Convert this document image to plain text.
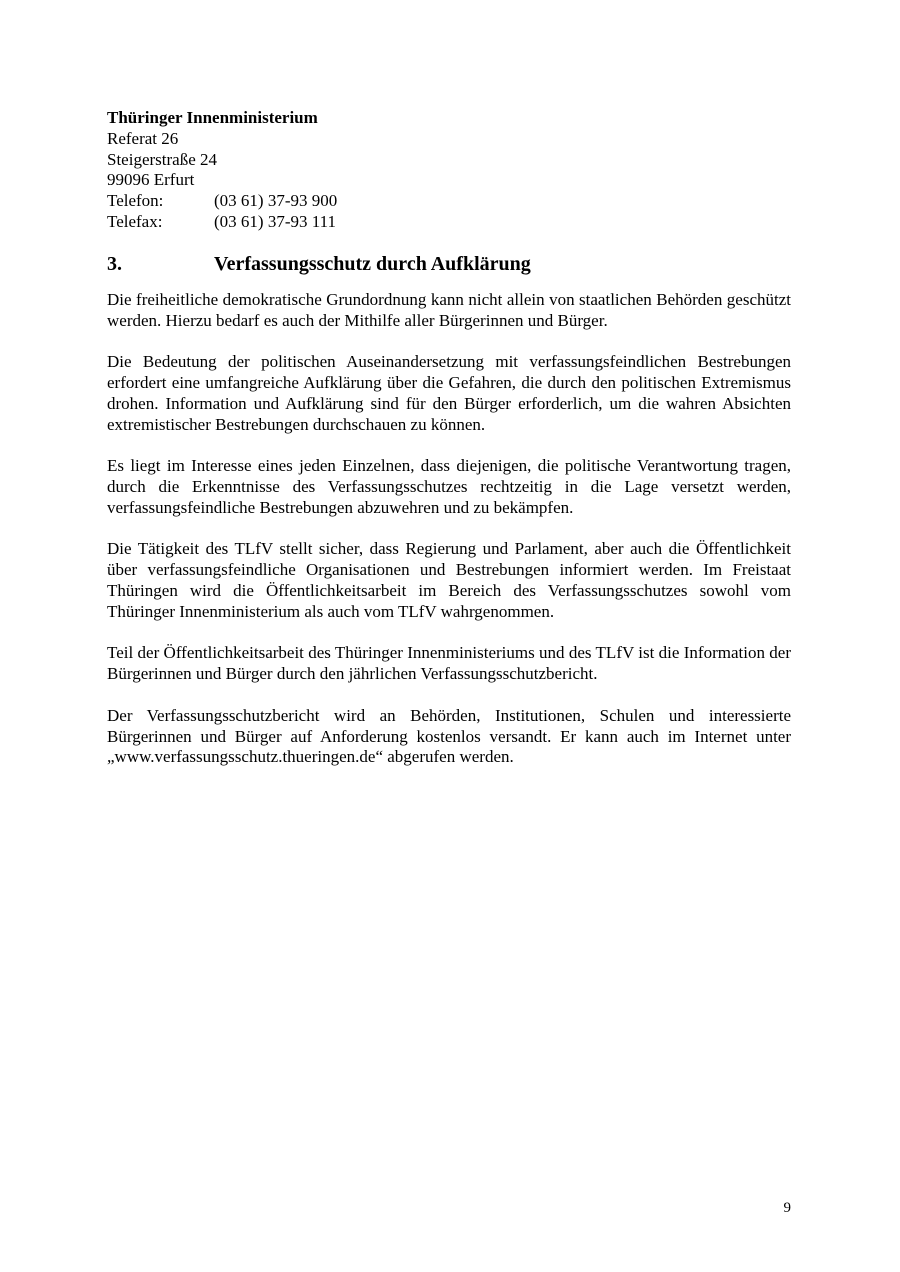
Thüringer Innenministerium
Referat 26
Steigerstraße 24
99096 Erfurt
Telefon:	(03 61) 37-93 900
Telefax:	(03 61) 37-93 111
3.	Verfassungsschutz durch Aufklärung

Die freiheitliche demokratische Grundordnung kann nicht allein von staatlichen Behörden geschützt werden. Hierzu bedarf es auch der Mithilfe aller Bürgerinnen und Bürger.

Die Bedeutung der politischen Auseinandersetzung mit verfassungsfeindlichen Bestrebungen erfordert eine umfangreiche Aufklärung über die Gefahren, die durch den politischen Extremismus drohen. Information und Aufklärung sind für den Bürger erforderlich, um die wahren Absichten extremistischer Bestrebungen durchschauen zu können.

Es liegt im Interesse eines jeden Einzelnen, dass diejenigen, die politische Verantwortung tragen, durch die Erkenntnisse des Verfassungsschutzes rechtzeitig in die Lage versetzt werden, verfassungsfeindliche Bestrebungen abzuwehren und zu bekämpfen.

Die Tätigkeit des TLfV stellt sicher, dass Regierung und Parlament, aber auch die Öffentlichkeit über verfassungsfeindliche Organisationen und Bestrebungen informiert werden. Im Freistaat Thüringen wird die Öffentlichkeitsarbeit im Bereich des Verfassungsschutzes sowohl vom Thüringer Innenministerium als auch vom TLfV wahrgenommen.

Teil der Öffentlichkeitsarbeit des Thüringer Innenministeriums und des TLfV ist die Information der Bürgerinnen und Bürger durch den jährlichen Verfassungsschutzbericht.

Der Verfassungsschutzbericht wird an Behörden, Institutionen, Schulen und interessierte Bürgerinnen und Bürger auf Anforderung kostenlos versandt. Er kann auch im Internet unter „www.verfassungsschutz.thueringen.de“ abgerufen werden.

9
